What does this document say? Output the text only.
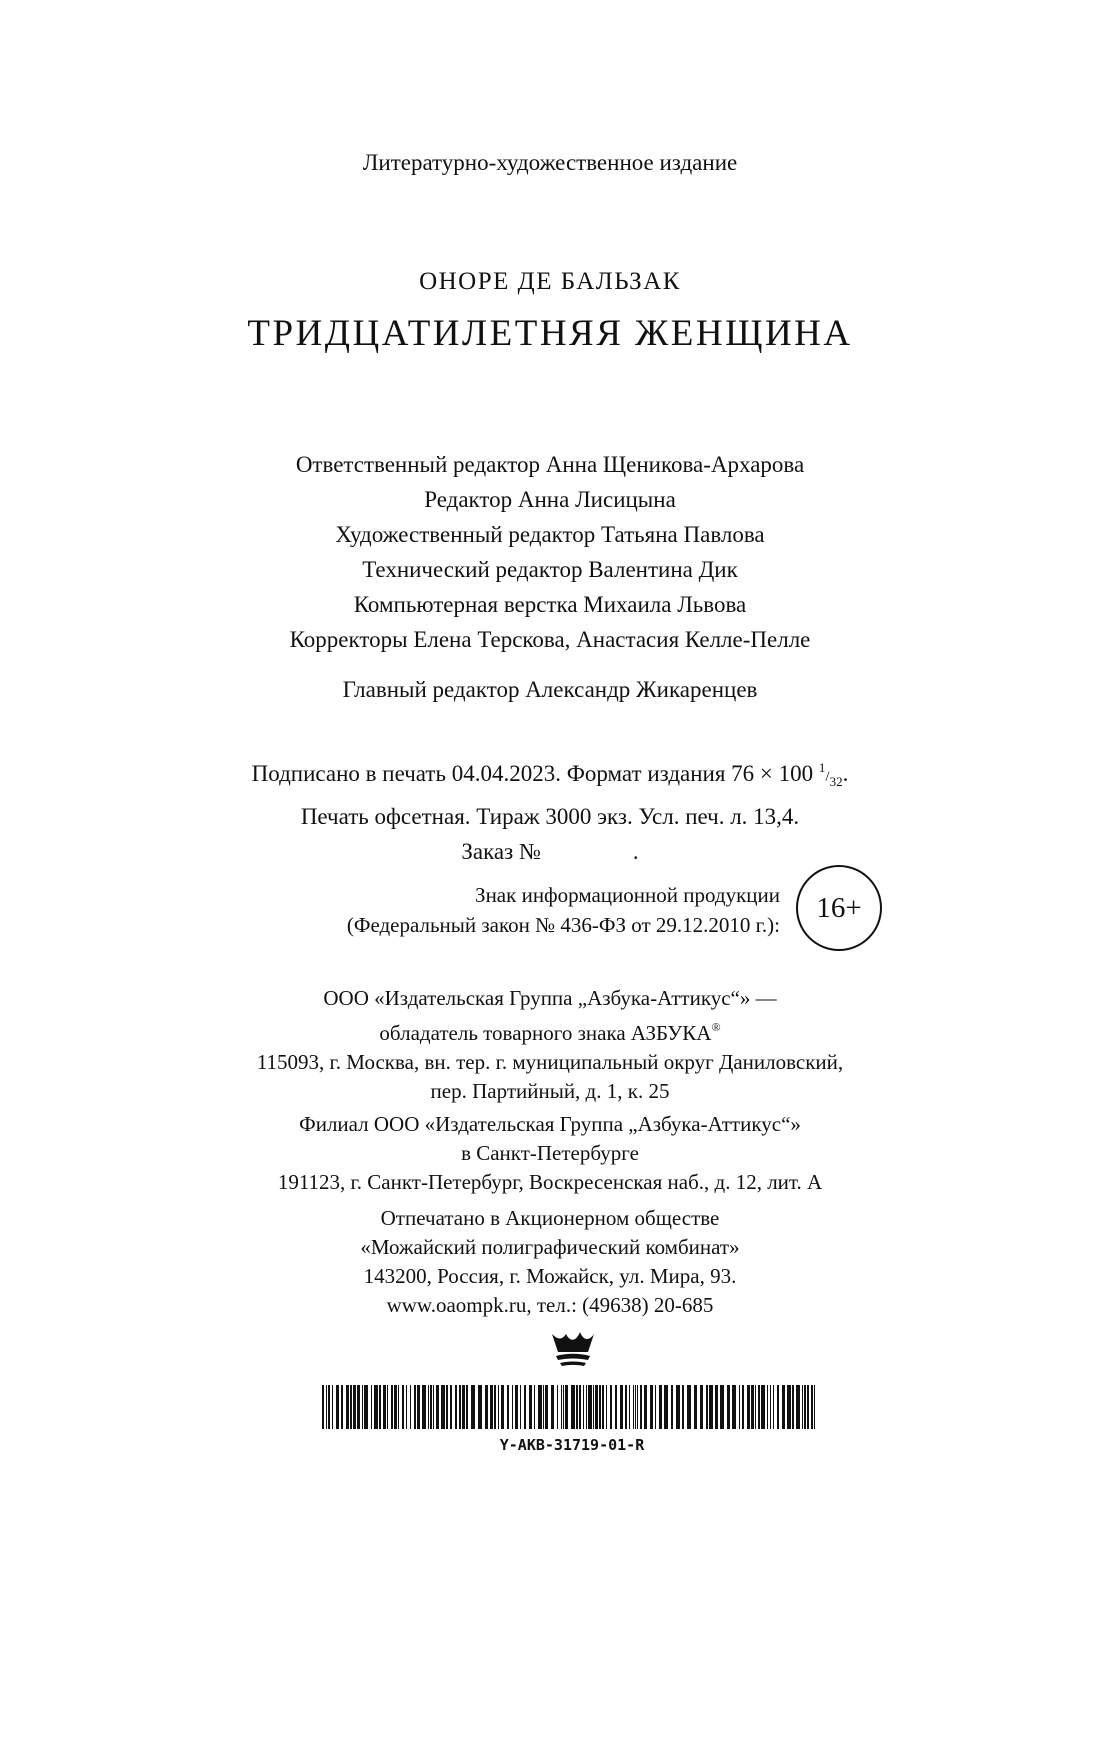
Литературно-художественное издание
ОНОРЕ ДЕ БАЛЬЗАК
ТРИДЦАТИЛЕТНЯЯ ЖЕНЩИНА
Ответственный редактор Анна Щеникова-Архарова
Редактор Анна Лисицына
Художественный редактор Татьяна Павлова
Технический редактор Валентина Дик
Компьютерная верстка Михаила Львова
Корректоры Елена Терскова, Анастасия Келле-Пелле
Главный редактор Александр Жикаренцев
Подписано в печать 04.04.2023. Формат издания 76 × 100 $^1/_{32}$.
Печать офсетная. Тираж 3000 экз. Усл. печ. л. 13,4.
Заказ №	.
Знак информационной продукции
(Федеральный закон № 436-ФЗ от 29.12.2010 г.):
16+
ООО «Издательская Группа „Азбука-Аттикус“» —
обладатель товарного знака АЗБУКА®
115093, г. Москва, вн. тер. г. муниципальный округ Даниловский,
пер. Партийный, д. 1, к. 25
Филиал ООО «Издательская Группа „Азбука-Аттикус“»
в Санкт-Петербурге
191123, г. Санкт-Петербург, Воскресенская наб., д. 12, лит. А
Отпечатано в Акционерном обществе
«Можайский полиграфический комбинат»
143200, Россия, г. Можайск, ул. Мира, 93.
www.oaompk.ru, тел.: (49638) 20-685
Y-AKB-31719-01-R
